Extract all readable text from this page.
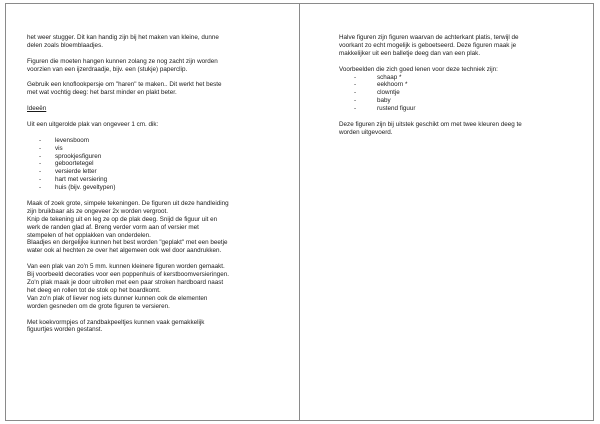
het weer stugger. Dit kan handig zijn bij het maken van kleine, dunne
delen zoals bloemblaadjes.

Figuren die moeten hangen kunnen zolang ze nog zacht zijn worden
voorzien van een ijzerdraadje, bijv. een (stukje) paperclip.

Gebruik een knoflookpersje om "haren" te maken.. Dit werkt het beste
met wat vochtig deeg: het barst minder en plakt beter.

Ideeën

Uit een uitgerolde plak van ongeveer 1 cm. dik:

- levensboom
- vis
- sprookjesfiguren
- geboortetegel
- versierde letter
- hart met versiering
- huis (bijv. geveltypen)

Maak of zoek grote, simpele tekeningen. De figuren uit deze handleiding
zijn bruikbaar als ze ongeveer 2x worden vergroot.
Knip de tekening uit en leg ze op de plak deeg. Snijd de figuur uit en
werk de randen glad af. Breng verder vorm aan of versier met
stempelen of het opplakken van onderdelen.
Blaadjes en dergelijke kunnen het best worden "geplakt" met een beetje
water ook al hechten ze over het algemeen ook wel door aandrukken.

Van een plak van zo'n 5 mm. kunnen kleinere figuren worden gemaakt.
Bij voorbeeld decoraties voor een poppenhuis of kerstboomversieringen.
Zo'n plak maak je door uitrollen met een paar stroken hardboard naast
het deeg en rollen tot de stok op het boardkomt.
Van zo'n plak of liever nog iets dunner kunnen ook de elementen
worden gesneden om de grote figuren te versieren.

Met koekvormpjes of zandbakpeeltjes kunnen vaak gemakkelijk
figuurtjes worden gestanst.

Halve figuren zijn figuren waarvan de achterkant platis, terwijl de
voorkant zo echt mogelijk is geboetseerd. Deze figuren maak je
makkelijker uit een balletje deeg dan van een plak.

Voorbeelden die zich goed lenen voor deze techniek zijn:
-	schaap *
-	eekhoorn *
-	clowntje
-	baby
-	rustend figuur

Deze figuren zijn bij uitstek geschikt om met twee kleuren deeg te
worden uitgevoerd.
